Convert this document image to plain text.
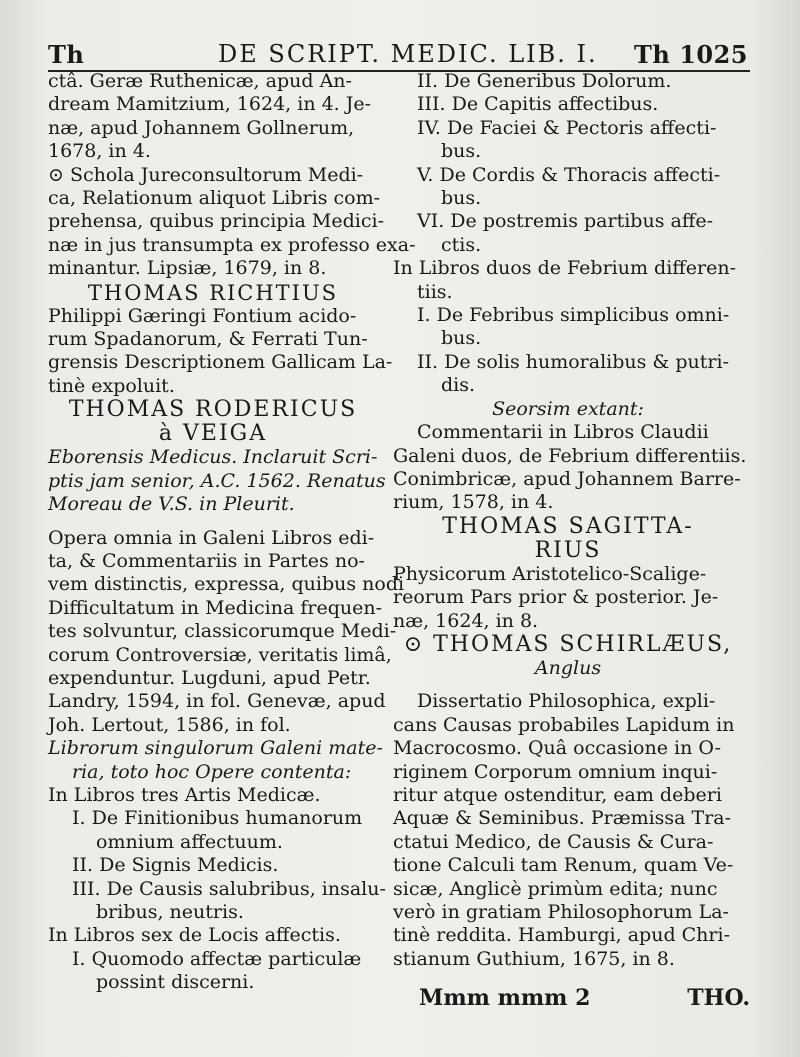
Th	DE SCRIPT. MEDIC. LIB. I. Th 1025
ctâ. Geræ Ruthenicæ, apud An-
dream Mamitzium, 1624, in 4. Je-
næ, apud Johannem Gollnerum,
1678, in 4.
⊙ Schola Jureconsultorum Medi-
ca, Relationum aliquot Libris com-
prehensa, quibus principia Medici-
næ in jus transumpta ex professo exa-
minantur. Lipsiæ, 1679, in 8.
THOMAS RICHTIUS
Philippi Gæringi Fontium acido-
rum Spadanorum, & Ferrati Tun-
grensis Descriptionem Gallicam La-
tinè expoluit.
THOMAS RODERICUS
à VEIGA
Eborensis Medicus. Inclaruit Scri-
ptis jam senior, A.C. 1562. Renatus
Moreau de V.S. in Pleurit.
Opera omnia in Galeni Libros edi-
ta, & Commentariis in Partes no-
vem distinctis, expressa, quibus nodi
Difficultatum in Medicina frequen-
tes solvuntur, classicorumque Medi-
corum Controversiæ, veritatis limâ,
expenduntur. Lugduni, apud Petr.
Landry, 1594, in fol. Genevæ, apud
Joh. Lertout, 1586, in fol.
Librorum singulorum Galeni mate-
ria, toto hoc Opere contenta:
In Libros tres Artis Medicæ.
I. De Finitionibus humanorum
omnium affectuum.
II. De Signis Medicis.
III. De Causis salubribus, insalu-
bribus, neutris.
In Libros sex de Locis affectis.
I. Quomodo affectæ particulæ
possint discerni.
II. De Generibus Dolorum.
III. De Capitis affectibus.
IV. De Faciei & Pectoris affecti-
bus.
V. De Cordis & Thoracis affecti-
bus.
VI. De postremis partibus affe-
ctis.
In Libros duos de Febrium differen-
tiis.
I. De Febribus simplicibus omni-
bus.
II. De solis humoralibus & putri-
dis.
Seorsim extant:
Commentarii in Libros Claudii
Galeni duos, de Febrium differentiis.
Conimbricæ, apud Johannem Barre-
rium, 1578, in 4.
THOMAS SAGITTA-
RIUS
Physicorum Aristotelico-Scalige-
reorum Pars prior & posterior. Je-
næ, 1624, in 8.
⊙ THOMAS SCHIRLÆUS,
Anglus
Dissertatio Philosophica, expli-
cans Causas probabiles Lapidum in
Macrocosmo. Quâ occasione in O-
riginem Corporum omnium inqui-
ritur atque ostenditur, eam deberi
Aquæ & Seminibus. Præmissa Tra-
ctatui Medico, de Causis & Cura-
tione Calculi tam Renum, quam Ve-
sicæ, Anglicè primùm edita; nunc
verò in gratiam Philosophorum La-
tinè reddita. Hamburgi, apud Chri-
stianum Guthium, 1675, in 8.
Mmm mmm 2	THO.
